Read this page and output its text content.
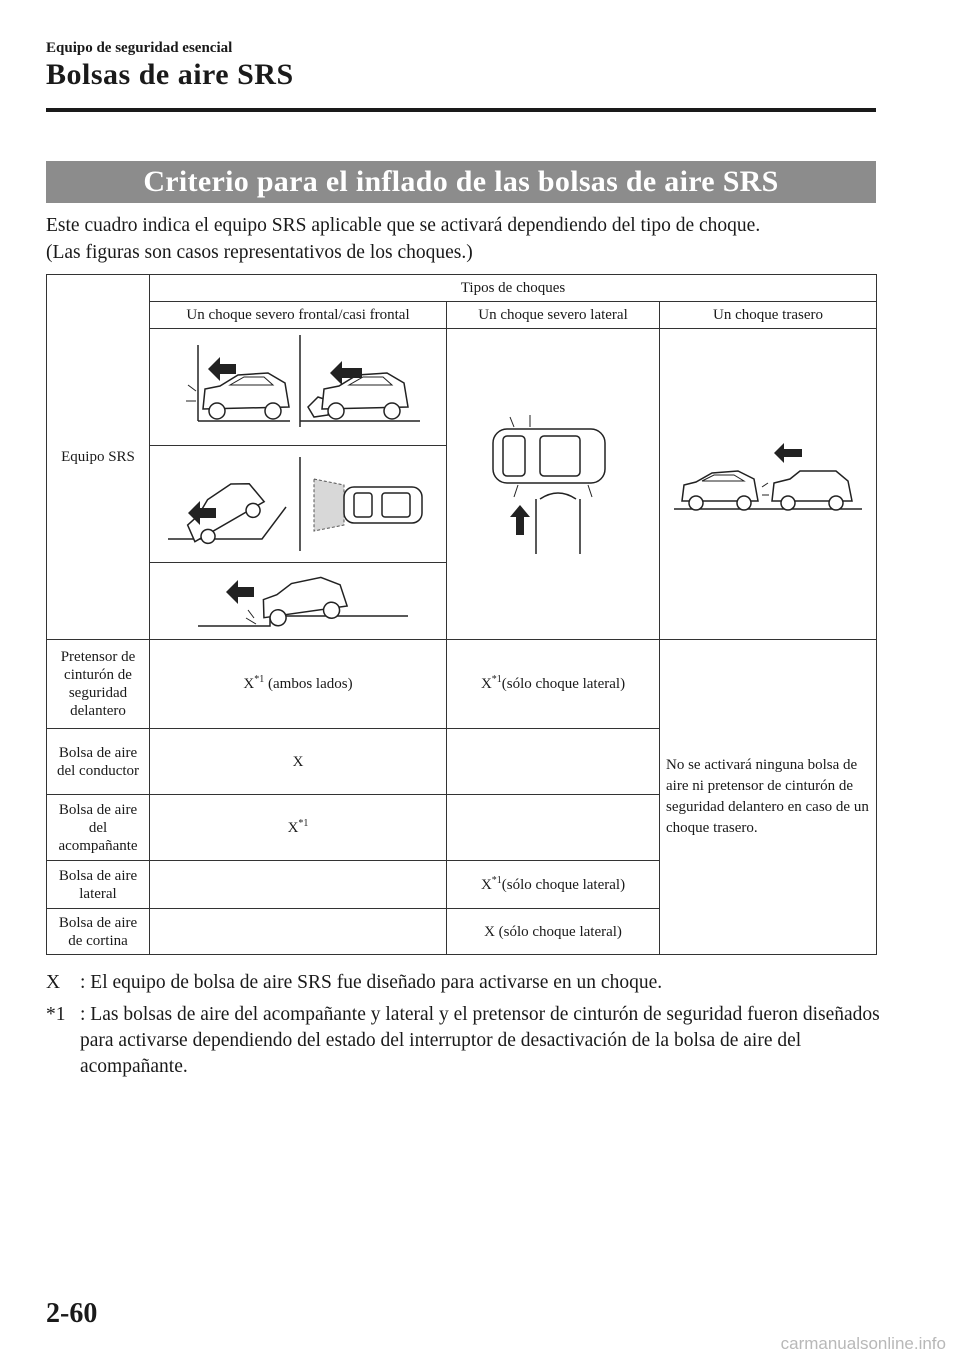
Equipo de seguridad esencial
Bolsas de aire SRS
Criterio para el inflado de las bolsas de aire SRS
Este cuadro indica el equipo SRS aplicable que se activará dependiendo del tipo de choque.
(Las figuras son casos representativos de los choques.)
Equipo SRS	Tipos de choques		
	Un choque severo frontal/casi frontal	Un choque severo lateral	Un choque trasero

Pretensor de cinturón de seguridad delantero	$X^{*1}$ (ambos lados)	$X^{*1}(sólo$ choque lateral)	No se activará ninguna bolsa de aire ni pretensor de cinturón de seguridad delantero en caso de un choque trasero.
Bolsa de aire del conductor	X		
Bolsa de aire del acompañante	$X^{*1}$	
Bolsa de aire lateral		$X^{*1}(sólo$ choque lateral)	
Bolsa de aire de cortina		X (sólo choque lateral)	
X	: El equipo de bolsa de aire SRS fue diseñado para activarse en un choque.
*1 : Las bolsas de aire del acompañante y lateral y el pretensor de cinturón de seguridad fueron diseñados para activarse dependiendo del estado del interruptor de desactivación de la bolsa de aire del acompañante.
2-60
carmanualsonline.info
